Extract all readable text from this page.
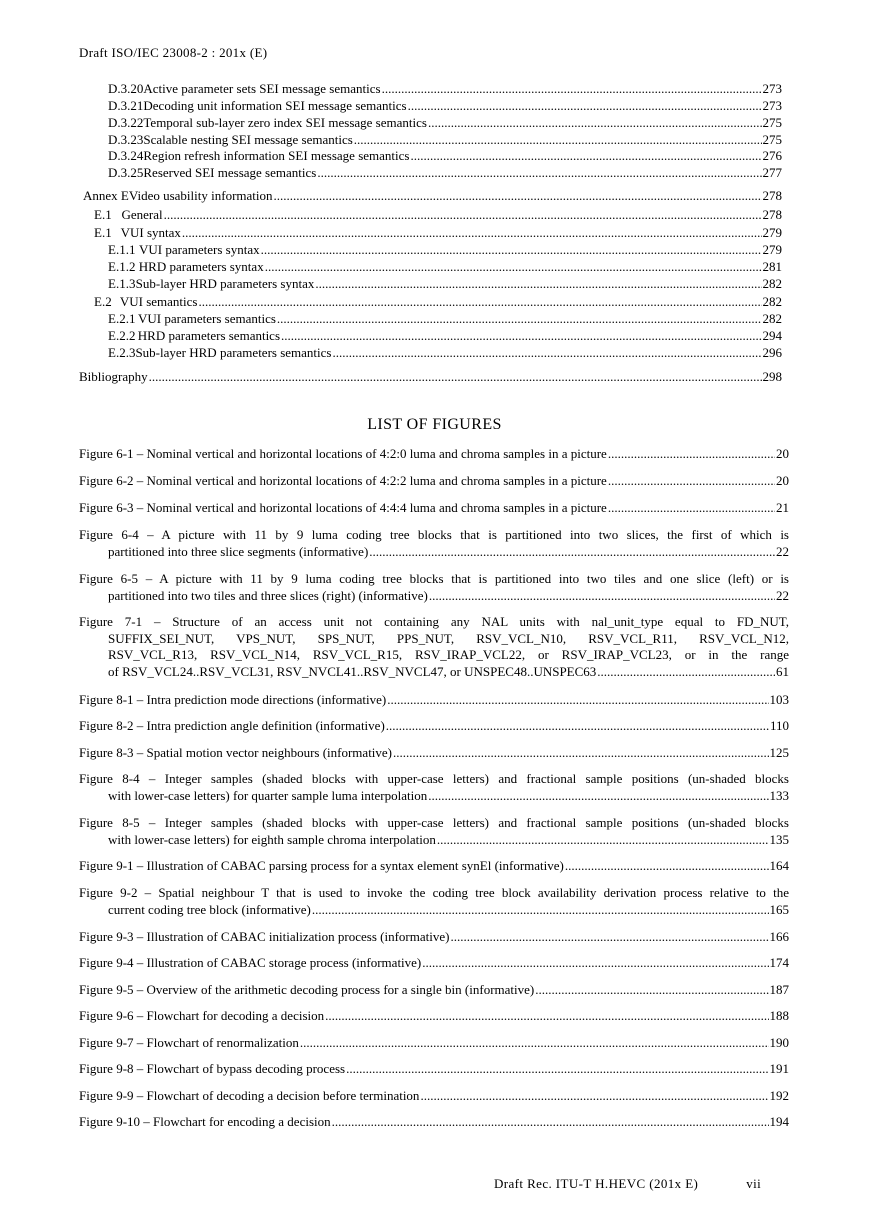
Draft ISO/IEC 23008-2 : 201x (E)
D.3.20 Active parameter sets SEI message semantics .....	273
D.3.21 Decoding unit information SEI message semantics .....	273
D.3.22 Temporal sub-layer zero index SEI message semantics .....	275
D.3.23 Scalable nesting SEI message semantics .....	275
D.3.24 Region refresh information SEI message semantics .....	276
D.3.25 Reserved SEI message semantics .....	277
Annex E Video usability information .....	278
E.1 General .....	278
E.1 VUI syntax .....	279
E.1.1 VUI parameters syntax .....	279
E.1.2 HRD parameters syntax .....	281
E.1.3 Sub-layer HRD parameters syntax .....	282
E.2 VUI semantics .....	282
E.2.1 VUI parameters semantics .....	282
E.2.2 HRD parameters semantics .....	294
E.2.3 Sub-layer HRD parameters semantics .....	296
Bibliography .....	298
LIST OF FIGURES
Figure 6-1 – Nominal vertical and horizontal locations of 4:2:0 luma and chroma samples in a picture .....	20
Figure 6-2 – Nominal vertical and horizontal locations of 4:2:2 luma and chroma samples in a picture .....	20
Figure 6-3 – Nominal vertical and horizontal locations of 4:4:4 luma and chroma samples in a picture .....	21
Figure 6-4 – A picture with 11 by 9 luma coding tree blocks that is partitioned into two slices, the first of which is
partitioned into three slice segments (informative) .....	22
Figure 6-5 – A picture with 11 by 9 luma coding tree blocks that is partitioned into two tiles and one slice (left) or is
partitioned into two tiles and three slices (right) (informative) .....	22
Figure 7-1 – Structure of an access unit not containing any NAL units with nal_unit_type equal to FD_NUT,
SUFFIX_SEI_NUT, VPS_NUT, SPS_NUT, PPS_NUT, RSV_VCL_N10, RSV_VCL_R11, RSV_VCL_N12,
RSV_VCL_R13, RSV_VCL_N14, RSV_VCL_R15, RSV_IRAP_VCL22, or RSV_IRAP_VCL23, or in the range
of RSV_VCL24..RSV_VCL31, RSV_NVCL41..RSV_NVCL47, or UNSPEC48..UNSPEC63 .....	61
Figure 8-1 – Intra prediction mode directions (informative) .....	103
Figure 8-2 – Intra prediction angle definition (informative) .....	110
Figure 8-3 – Spatial motion vector neighbours (informative) .....	125
Figure 8-4 – Integer samples (shaded blocks with upper-case letters) and fractional sample positions (un-shaded blocks
with lower-case letters) for quarter sample luma interpolation .....	133
Figure 8-5 – Integer samples (shaded blocks with upper-case letters) and fractional sample positions (un-shaded blocks
with lower-case letters) for eighth sample chroma interpolation .....	135
Figure 9-1 – Illustration of CABAC parsing process for a syntax element synEl (informative) .....	164
Figure 9-2 – Spatial neighbour T that is used to invoke the coding tree block availability derivation process relative to the
current coding tree block (informative) .....	165
Figure 9-3 – Illustration of CABAC initialization process (informative) .....	166
Figure 9-4 – Illustration of CABAC storage process (informative) .....	174
Figure 9-5 – Overview of the arithmetic decoding process for a single bin (informative) .....	187
Figure 9-6 – Flowchart for decoding a decision .....	188
Figure 9-7 – Flowchart of renormalization .....	190
Figure 9-8 – Flowchart of bypass decoding process .....	191
Figure 9-9 – Flowchart of decoding a decision before termination .....	192
Figure 9-10 – Flowchart for encoding a decision .....	194
Draft Rec. ITU-T H.HEVC (201x E)	vii
